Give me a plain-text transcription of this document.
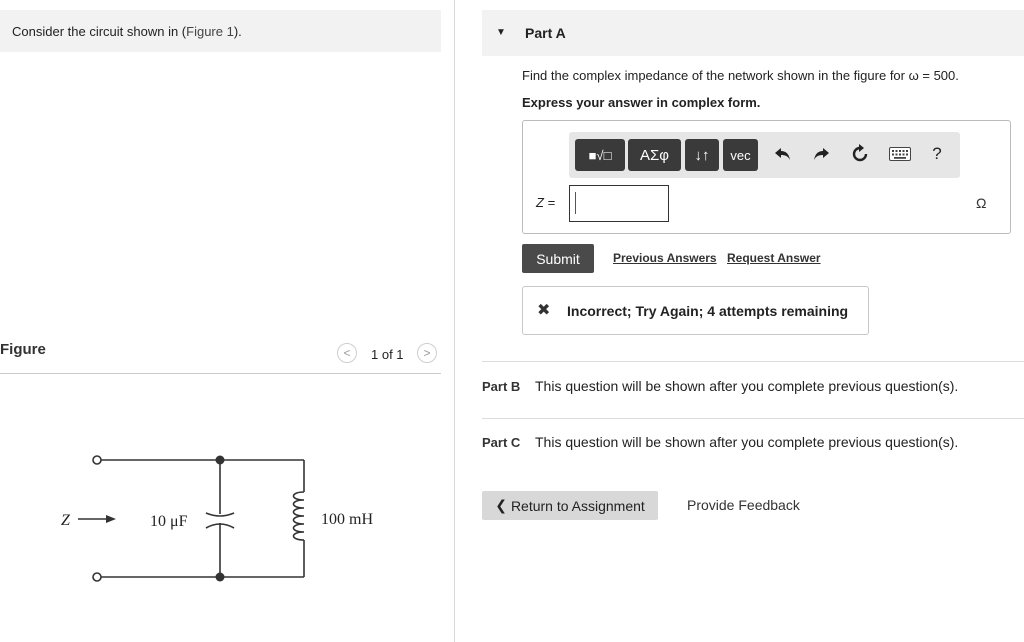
Consider the circuit shown in (Figure 1).
Figure	< 1 of 1 >
Z	10 μF	100 mH
▼ Part A
Find the complex impedance of the network shown in the figure for ω = 500.
Express your answer in complex form.
■√□ ΑΣφ ↓↑ vec	?
Z =	Ω
Submit	Previous Answers Request Answer
✖ Incorrect; Try Again; 4 attempts remaining
Part B This question will be shown after you complete previous question(s).
Part C This question will be shown after you complete previous question(s).
❮ Return to Assignment	Provide Feedback
